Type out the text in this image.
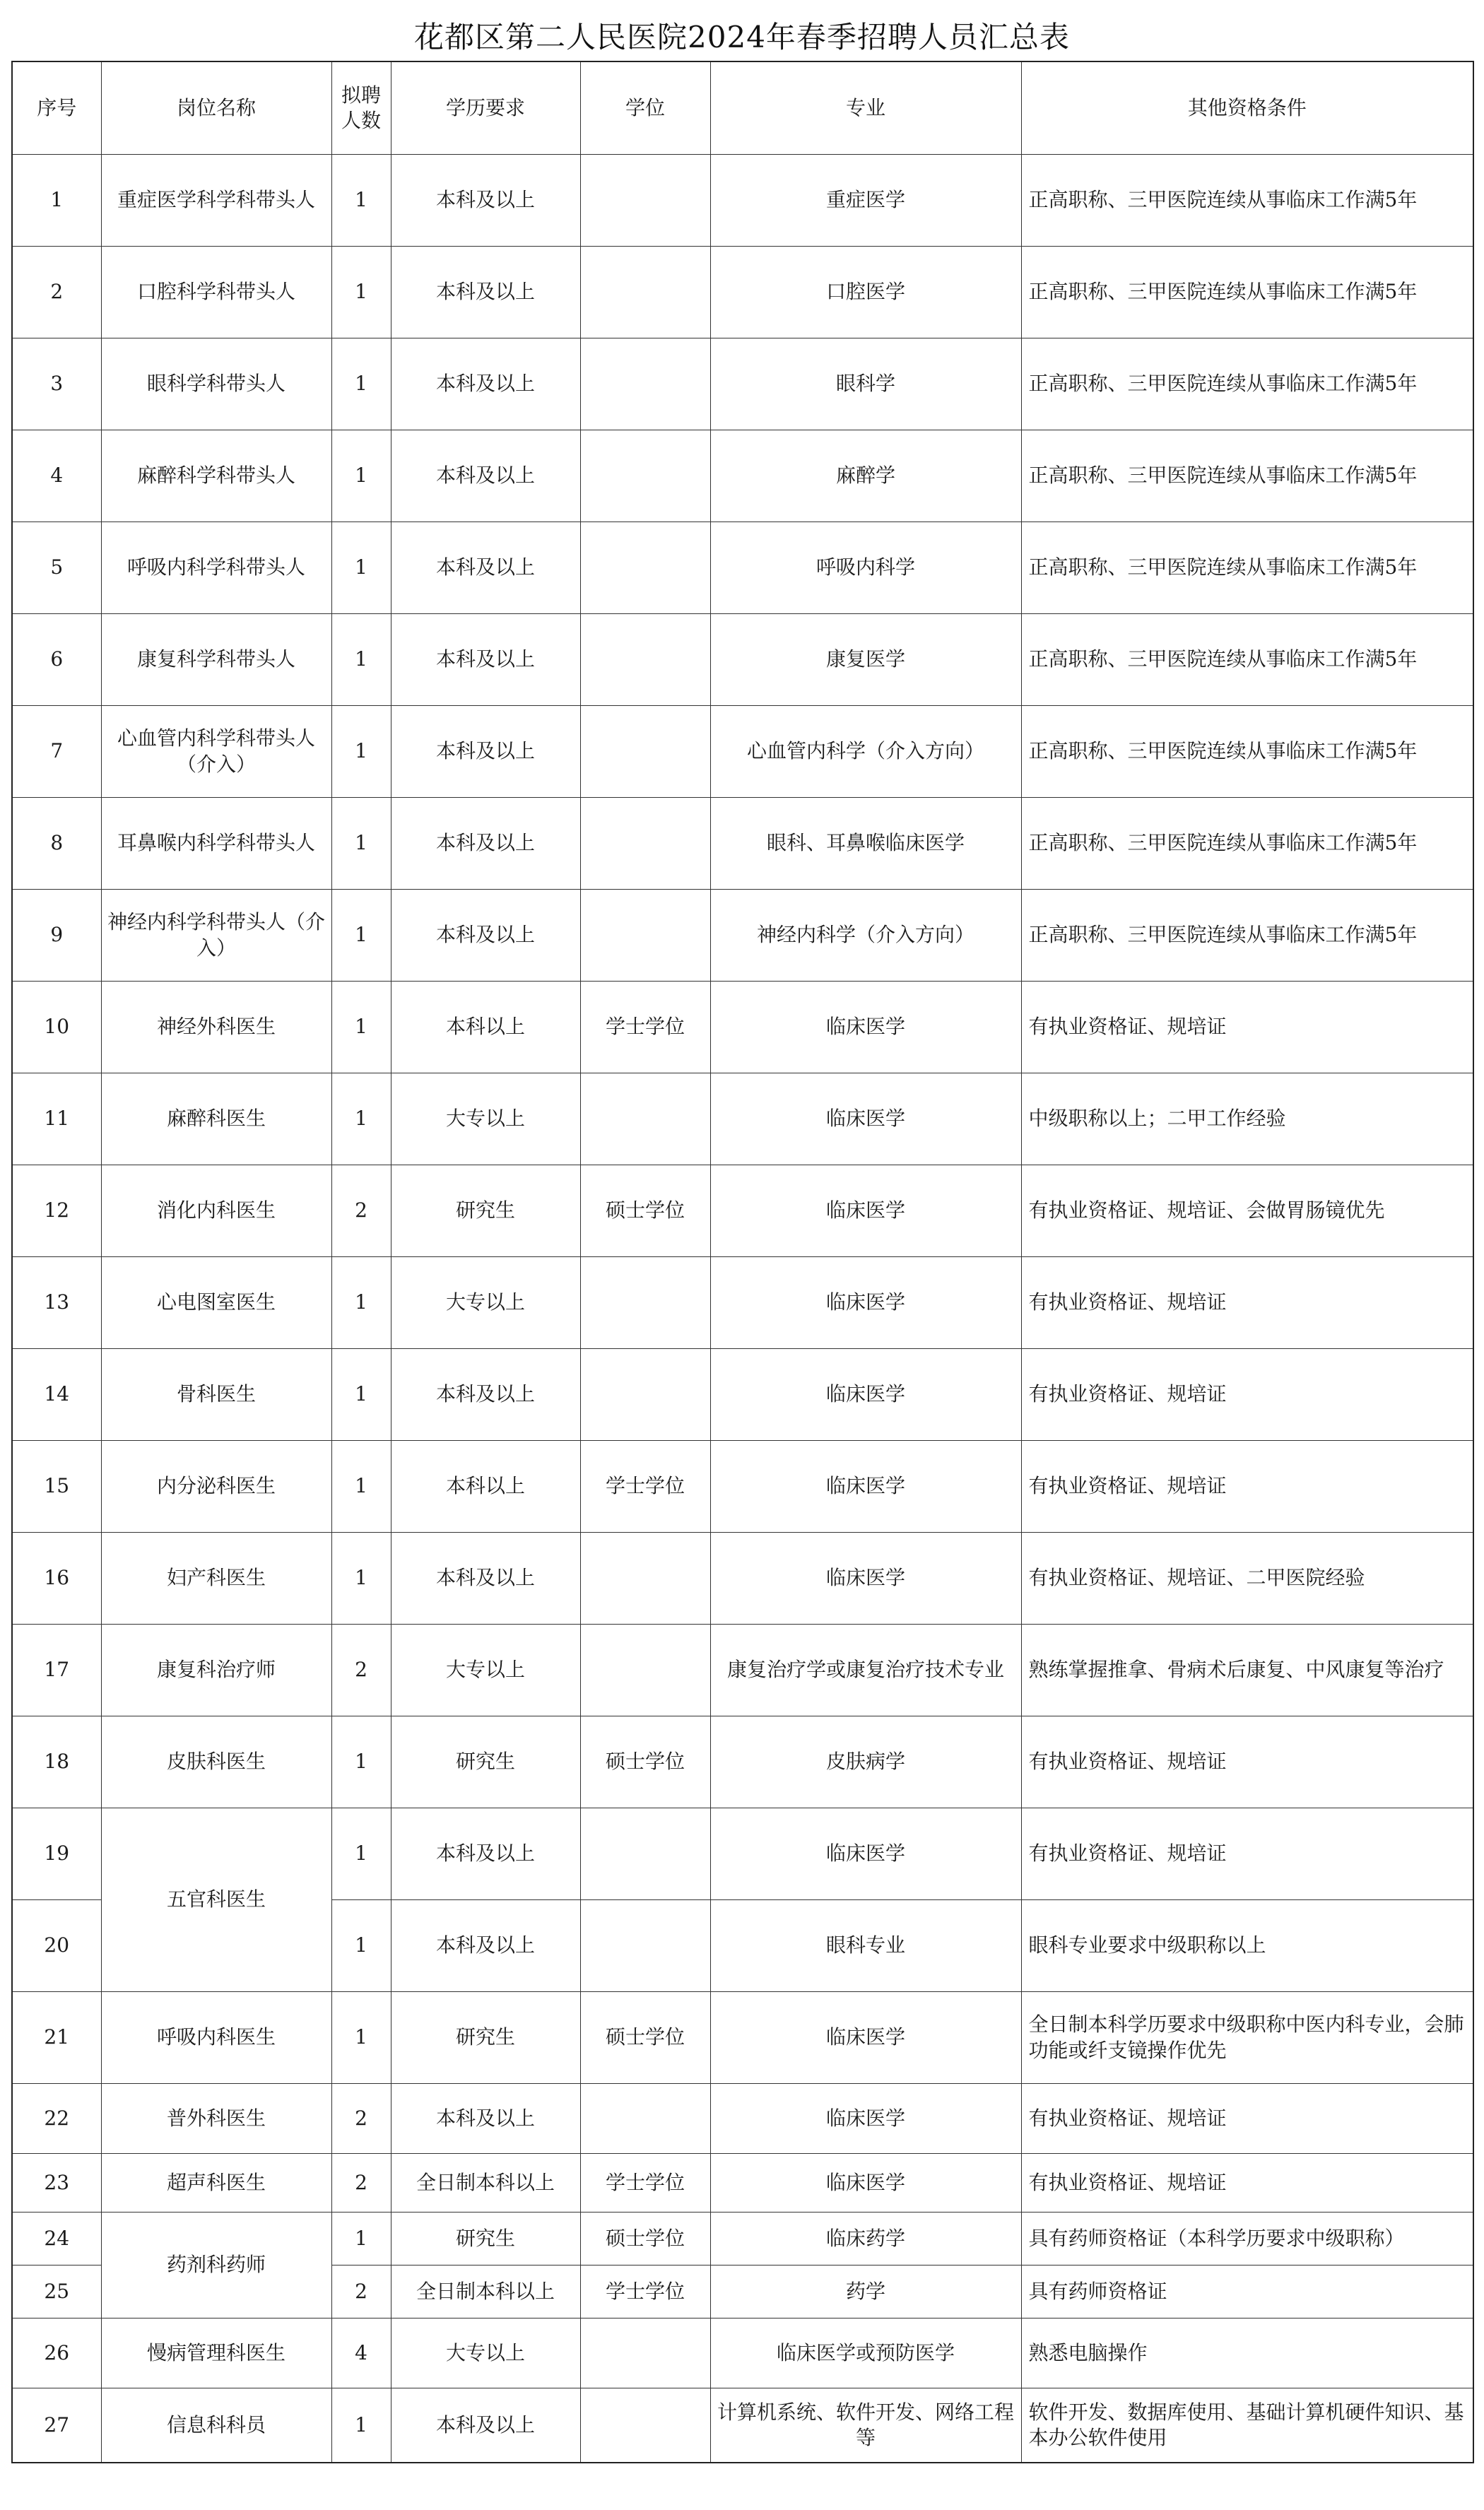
花都区第二人民医院2024年春季招聘人员汇总表
序号	岗位名称	拟聘人数	学历要求	学位	专业	其他资格条件
1	重症医学科学科带头人	1	本科及以上		重症医学	正高职称、三甲医院连续从事临床工作满5年
2	口腔科学科带头人	1	本科及以上		口腔医学	正高职称、三甲医院连续从事临床工作满5年
3	眼科学科带头人	1	本科及以上		眼科学	正高职称、三甲医院连续从事临床工作满5年
4	麻醉科学科带头人	1	本科及以上		麻醉学	正高职称、三甲医院连续从事临床工作满5年
5	呼吸内科学科带头人	1	本科及以上		呼吸内科学	正高职称、三甲医院连续从事临床工作满5年
6	康复科学科带头人	1	本科及以上		康复医学	正高职称、三甲医院连续从事临床工作满5年
7	心血管内科学科带头人（介入）	1	本科及以上		心血管内科学（介入方向）	正高职称、三甲医院连续从事临床工作满5年
8	耳鼻喉内科学科带头人	1	本科及以上		眼科、耳鼻喉临床医学	正高职称、三甲医院连续从事临床工作满5年
9	神经内科学科带头人（介入）	1	本科及以上		神经内科学（介入方向）	正高职称、三甲医院连续从事临床工作满5年
10	神经外科医生	1	本科以上	学士学位	临床医学	有执业资格证、规培证
11	麻醉科医生	1	大专以上		临床医学	中级职称以上；二甲工作经验
12	消化内科医生	2	研究生	硕士学位	临床医学	有执业资格证、规培证、会做胃肠镜优先
13	心电图室医生	1	大专以上		临床医学	有执业资格证、规培证
14	骨科医生	1	本科及以上		临床医学	有执业资格证、规培证
15	内分泌科医生	1	本科以上	学士学位	临床医学	有执业资格证、规培证
16	妇产科医生	1	本科及以上		临床医学	有执业资格证、规培证、二甲医院经验
17	康复科治疗师	2	大专以上		康复治疗学或康复治疗技术专业	熟练掌握推拿、骨病术后康复、中风康复等治疗
18	皮肤科医生	1	研究生	硕士学位	皮肤病学	有执业资格证、规培证
19	五官科医生	1	本科及以上		临床医学	有执业资格证、规培证
20		1	本科及以上		眼科专业	眼科专业要求中级职称以上
21	呼吸内科医生	1	研究生	硕士学位	临床医学	全日制本科学历要求中级职称中医内科专业，会肺功能或纤支镜操作优先
22	普外科医生	2	本科及以上		临床医学	有执业资格证、规培证
23	超声科医生	2	全日制本科以上	学士学位	临床医学	有执业资格证、规培证
24	药剂科药师	1	研究生	硕士学位	临床药学	具有药师资格证（本科学历要求中级职称）
25		2	全日制本科以上	学士学位	药学	具有药师资格证
26	慢病管理科医生	4	大专以上		临床医学或预防医学	熟悉电脑操作
27	信息科科员	1	本科及以上		计算机系统、软件开发、网络工程等	软件开发、数据库使用、基础计算机硬件知识、基本办公软件使用
